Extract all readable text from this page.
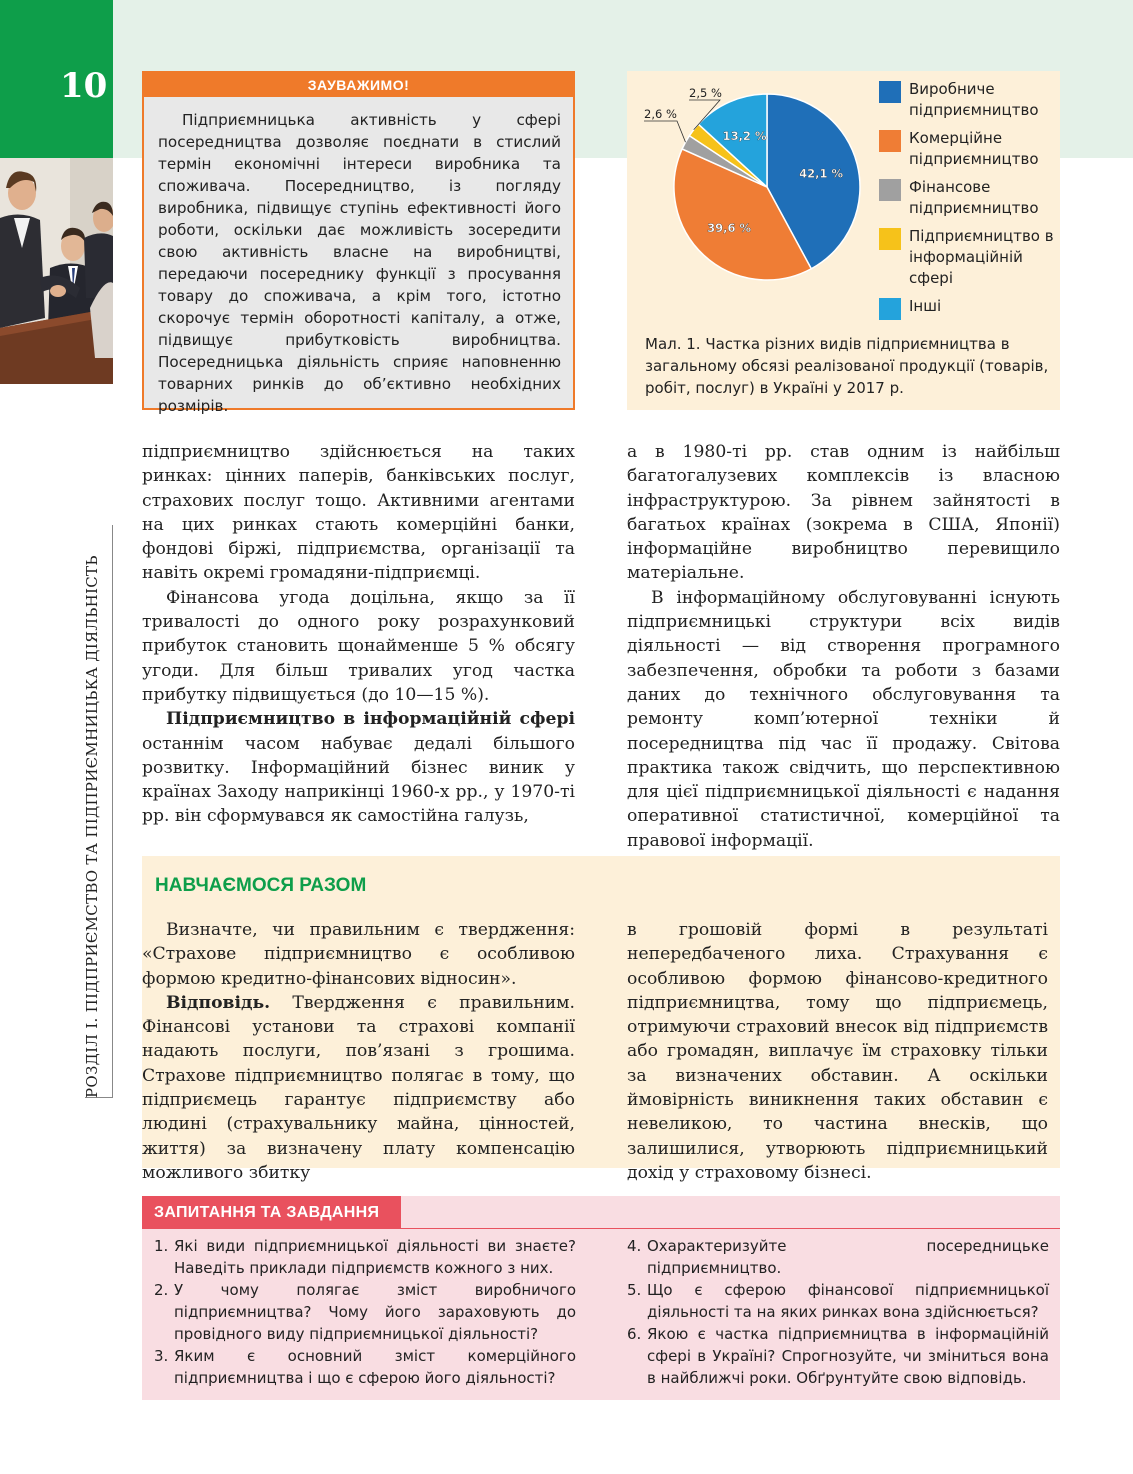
10
РОЗДІЛ I. ПІДПРИЄМСТВО ТА ПІДПРИЄМНИЦЬКА ДІЯЛЬНІСТЬ
ЗАУВАЖИМО!
Підприємницька активність у сфері посередництва дозволяє поєднати в стислий термін економічні інтереси виробника та споживача. Посередництво, із погляду виробника, підвищує ступінь ефективності його роботи, оскільки дає можливість зосередити свою активність власне на виробництві, передаючи посереднику функції з просування товару до споживача, а крім того, істотно скорочує термін оборотності капіталу, а отже, підвищує прибутковість виробництва. Посередницька діяльність сприяє наповненню товарних ринків до об’єктивно необхідних розмірів.
42,1 %
39,6 %
2,6 %
2,5 %
13,2 %
Виробниче підприємництво
Комерційне підприємництво
Фінансове підприємництво
Підприємництво в інформаційній сфері
Інші
Мал. 1. Частка різних видів підприємництва в загальному обсязі реалізованої продукції (товарів, робіт, послуг) в Україні у 2017 р.

підприємництво здійснюється на таких ринках: цінних паперів, банківських послуг, страхових послуг тощо. Активними агентами на цих ринках стають комерційні банки, фондові біржі, підприємства, організації та навіть окремі громадяни-підприємці.

Фінансова угода доцільна, якщо за її тривалості до одного року розрахунковий прибуток становить щонайменше 5 % обсягу угоди. Для більш тривалих угод частка прибутку підвищується (до 10—15 %).

Підприємництво в інформаційній сфері останнім часом набуває дедалі більшого розвитку. Інформаційний бізнес виник у країнах Заходу наприкінці 1960-х рр., у 1970-ті рр. він сформувався як самостійна галузь,

а в 1980-ті рр. став одним із найбільш багатогалузевих комплексів із власною інфраструктурою. За рівнем зайнятості в багатьох країнах (зокрема в США, Японії) інформаційне виробництво перевищило матеріальне.

В інформаційному обслуговуванні існують підприємницькі структури всіх видів діяльності — від створення програмного забезпечення, обробки та роботи з базами даних до технічного обслуговування та ремонту комп’ютерної техніки й посередництва під час її продажу. Світова практика також свідчить, що перспективною для цієї підприємницької діяльності є надання оперативної статистичної, комерційної та правової інформації.

НАВЧАЄМОСЯ РАЗОМ

Визначте, чи правильним є твердження: «Страхове підприємництво є особливою формою кредитно-фінансових відносин».

Відповідь. Твердження є правильним. Фінансові установи та страхові компанії надають послуги, пов’язані з грошима. Страхове підприємництво полягає в тому, що підприємець гарантує підприємству або людині (страхувальнику майна, цінностей, життя) за визначену плату компенсацію можливого збитку

в грошовій формі в результаті непередбаченого лиха. Страхування є особливою формою фінансово-кредитного підприємництва, тому що підприємець, отримуючи страховий внесок від підприємств або громадян, виплачує їм страховку тільки за визначених обставин. А оскільки ймовірність виникнення таких обставин є невеликою, то частина внесків, що залишилися, утворюють підприємницький дохід у страховому бізнесі.

ЗАПИТАННЯ ТА ЗАВДАННЯ
1. Які види підприємницької діяльності ви знаєте? Наведіть приклади підприємств кожного з них.
2. У чому полягає зміст виробничого підприємництва? Чому його зараховують до провідного виду підприємницької діяльності?
3. Яким є основний зміст комерційного підприємництва і що є сферою його діяльності?
4. Охарактеризуйте посередницьке підприємництво.
5. Що є сферою фінансової підприємницької діяльності та на яких ринках вона здійснюється?
6. Якою є частка підприємництва в інформаційній сфері в Україні? Спрогнозуйте, чи зміниться вона в найближчі роки. Обґрунтуйте свою відповідь.
